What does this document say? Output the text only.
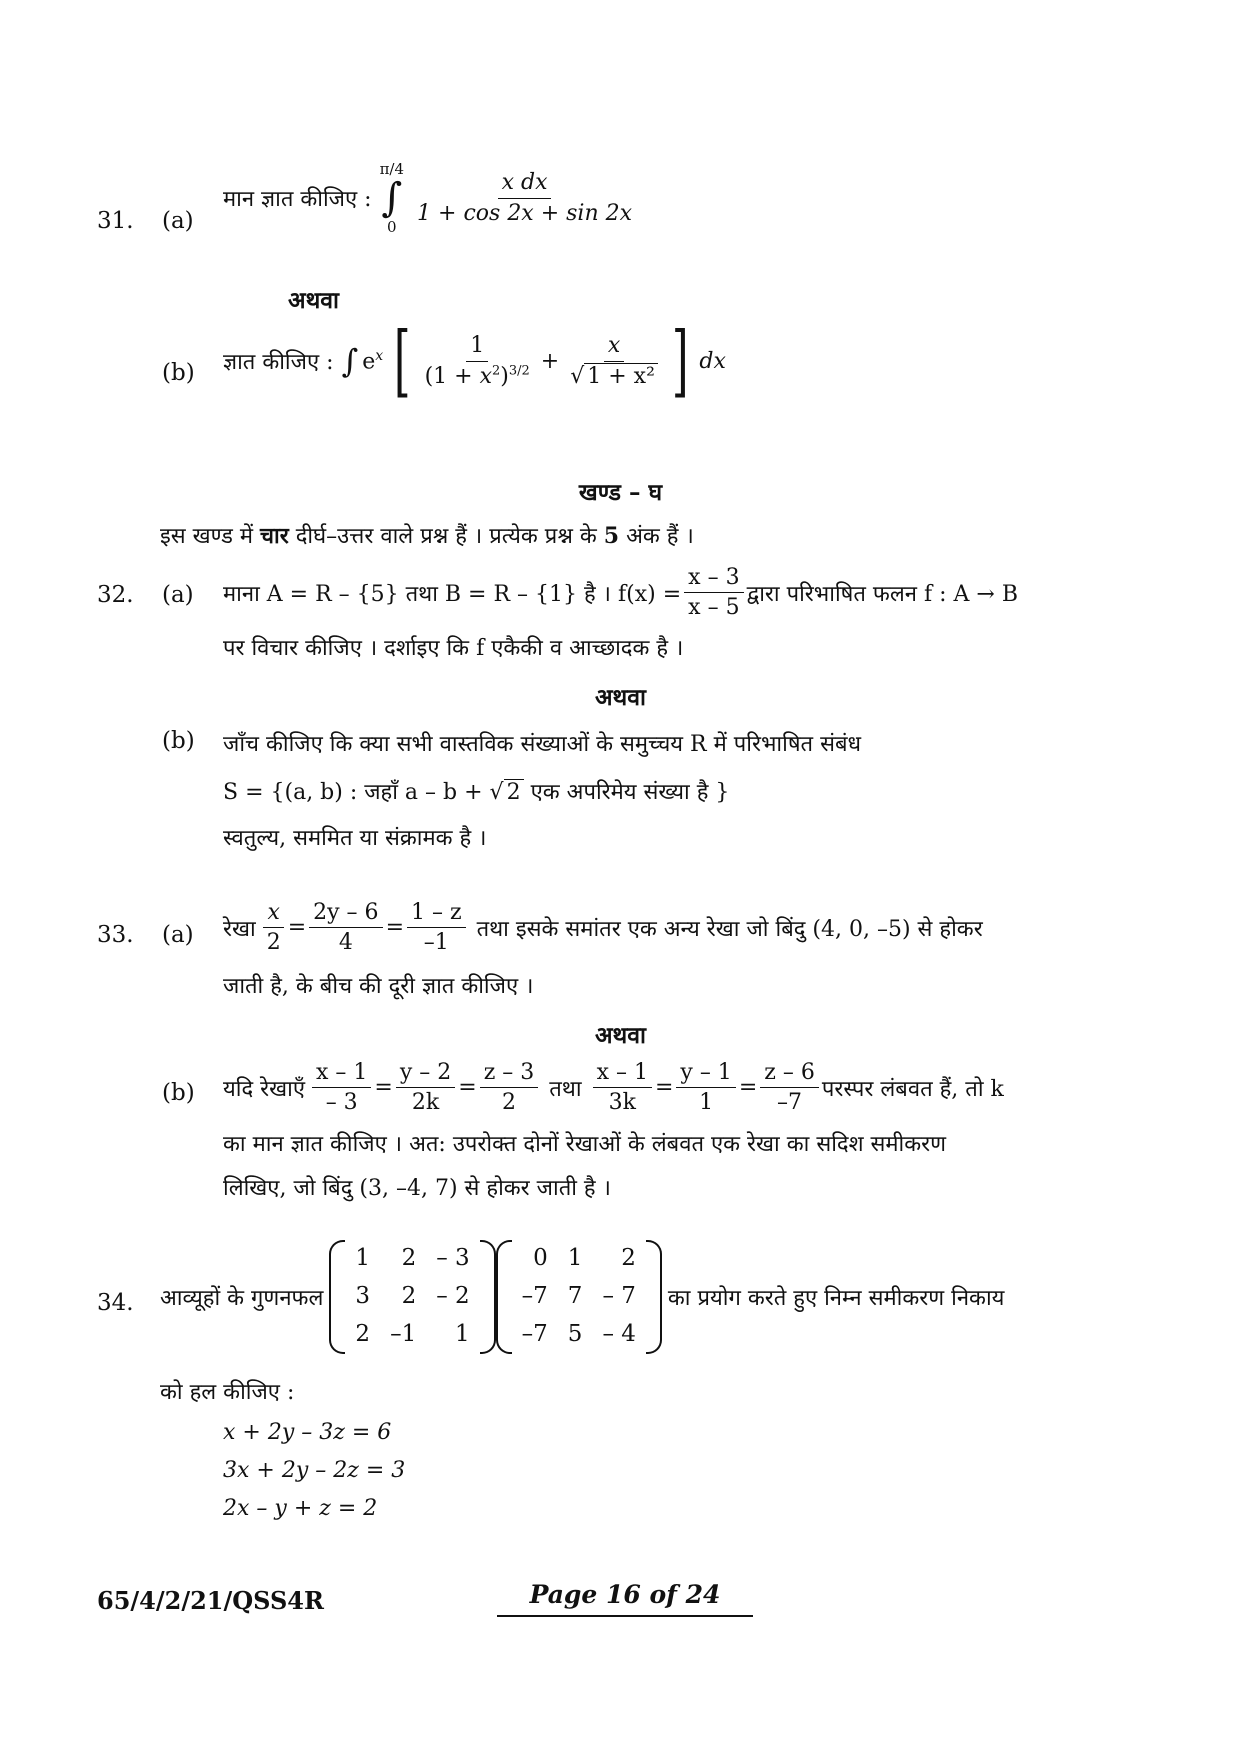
31. (a)
मान ज्ञात कीजिए :
π/4
∫
0
$\frac{\text{x dx}}{1 + \cos 2x + \sin 2x}$
अथवा
(b) ज्ञात कीजिए : ∫ $e^x$ [ $\frac{1}{(1 + x^2)^{3/2}} + \frac{x}{\text{√ 1 + x²}}$ ] dx
खण्ड – घ
इस खण्ड में चार दीर्घ–उत्तर वाले प्रश्न हैं । प्रत्येक प्रश्न के 5 अंक हैं ।
32. (a) माना A = R – {5} तथा B = R – {1} है । $f(x) = \frac{x - 3}{x - 5}$ द्वारा परिभाषित फलन f : A → B
पर विचार कीजिए । दर्शाइए कि f एकैकी व आच्छादक है ।
अथवा
(b) जाँच कीजिए कि क्या सभी वास्तविक संख्याओं के समुच्चय R में परिभाषित संबंध
S = {(a, b) : जहाँ a – b + √ 2 एक अपरिमेय संख्या है }
स्वतुल्य, सममित या संक्रामक है ।
33. (a) रेखा $\frac{x}{2} = \frac{2y - 6}{4} = \frac{1 - z}{-1}$ तथा इसके समांतर एक अन्य रेखा जो बिंदु (4, 0, –5) से होकर
जाती है, के बीच की दूरी ज्ञात कीजिए ।
अथवा
(b) यदि रेखाएँ $\frac{x - 1}{- 3} = \frac{y - 2}{2k} = \frac{z - 3}{2}$ तथा $\frac{x - 1}{3k} = \frac{y - 1}{1} = \frac{z - 6}{-7}$ परस्पर लंबवत हैं, तो k
का मान ज्ञात कीजिए । अत: उपरोक्त दोनों रेखाओं के लंबवत एक रेखा का सदिश समीकरण
लिखिए, जो बिंदु (3, –4, 7) से होकर जाती है ।
34. आव्यूहों के गुणनफल
1	2	– 3
3	2	– 2
2	–1	1
0	1	2
–7	7	– 7
–7	5	– 4
का प्रयोग करते हुए निम्न समीकरण निकाय
को हल कीजिए :
x + 2y – 3z = 6
3x + 2y – 2z = 3
2x – y + z = 2
65/4/2/21/QSS4R	Page 16 of 24
